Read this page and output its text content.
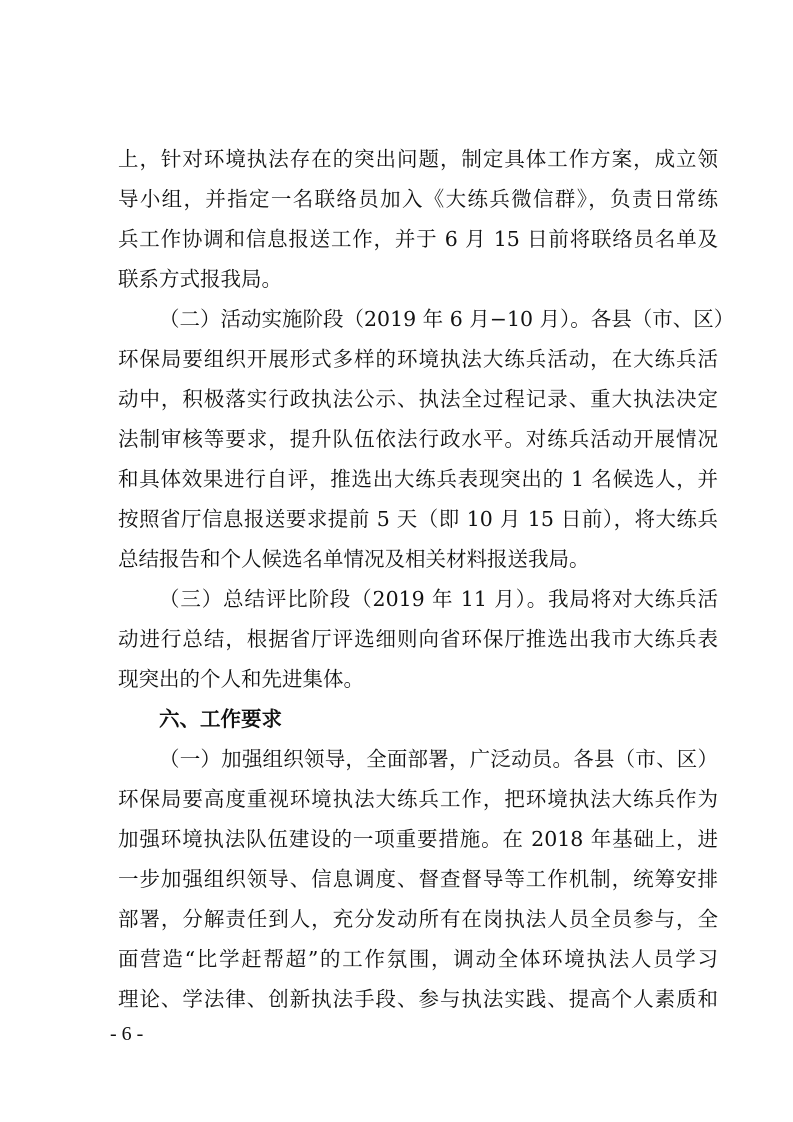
上，针对环境执法存在的突出问题，制定具体工作方案，成立领
导小组，并指定一名联络员加入《大练兵微信群》，负责日常练
兵工作协调和信息报送工作，并于 6 月 15 日前将联络员名单及
联系方式报我局。
（二）活动实施阶段（2019 年 6 月−10 月）。各县（市、区）
环保局要组织开展形式多样的环境执法大练兵活动，在大练兵活
动中，积极落实行政执法公示、执法全过程记录、重大执法决定
法制审核等要求，提升队伍依法行政水平。对练兵活动开展情况
和具体效果进行自评，推选出大练兵表现突出的 1 名候选人，并
按照省厅信息报送要求提前 5 天（即 10 月 15 日前），将大练兵
总结报告和个人候选名单情况及相关材料报送我局。
（三）总结评比阶段（2019 年 11 月）。我局将对大练兵活
动进行总结，根据省厅评选细则向省环保厅推选出我市大练兵表
现突出的个人和先进集体。
六、工作要求
（一）加强组织领导，全面部署，广泛动员。各县（市、区）
环保局要高度重视环境执法大练兵工作，把环境执法大练兵作为
加强环境执法队伍建设的一项重要措施。在 2018 年基础上，进
一步加强组织领导、信息调度、督查督导等工作机制，统筹安排
部署，分解责任到人，充分发动所有在岗执法人员全员参与，全
面营造“比学赶帮超”的工作氛围，调动全体环境执法人员学习
理论、学法律、创新执法手段、参与执法实践、提高个人素质和
- 6 -
